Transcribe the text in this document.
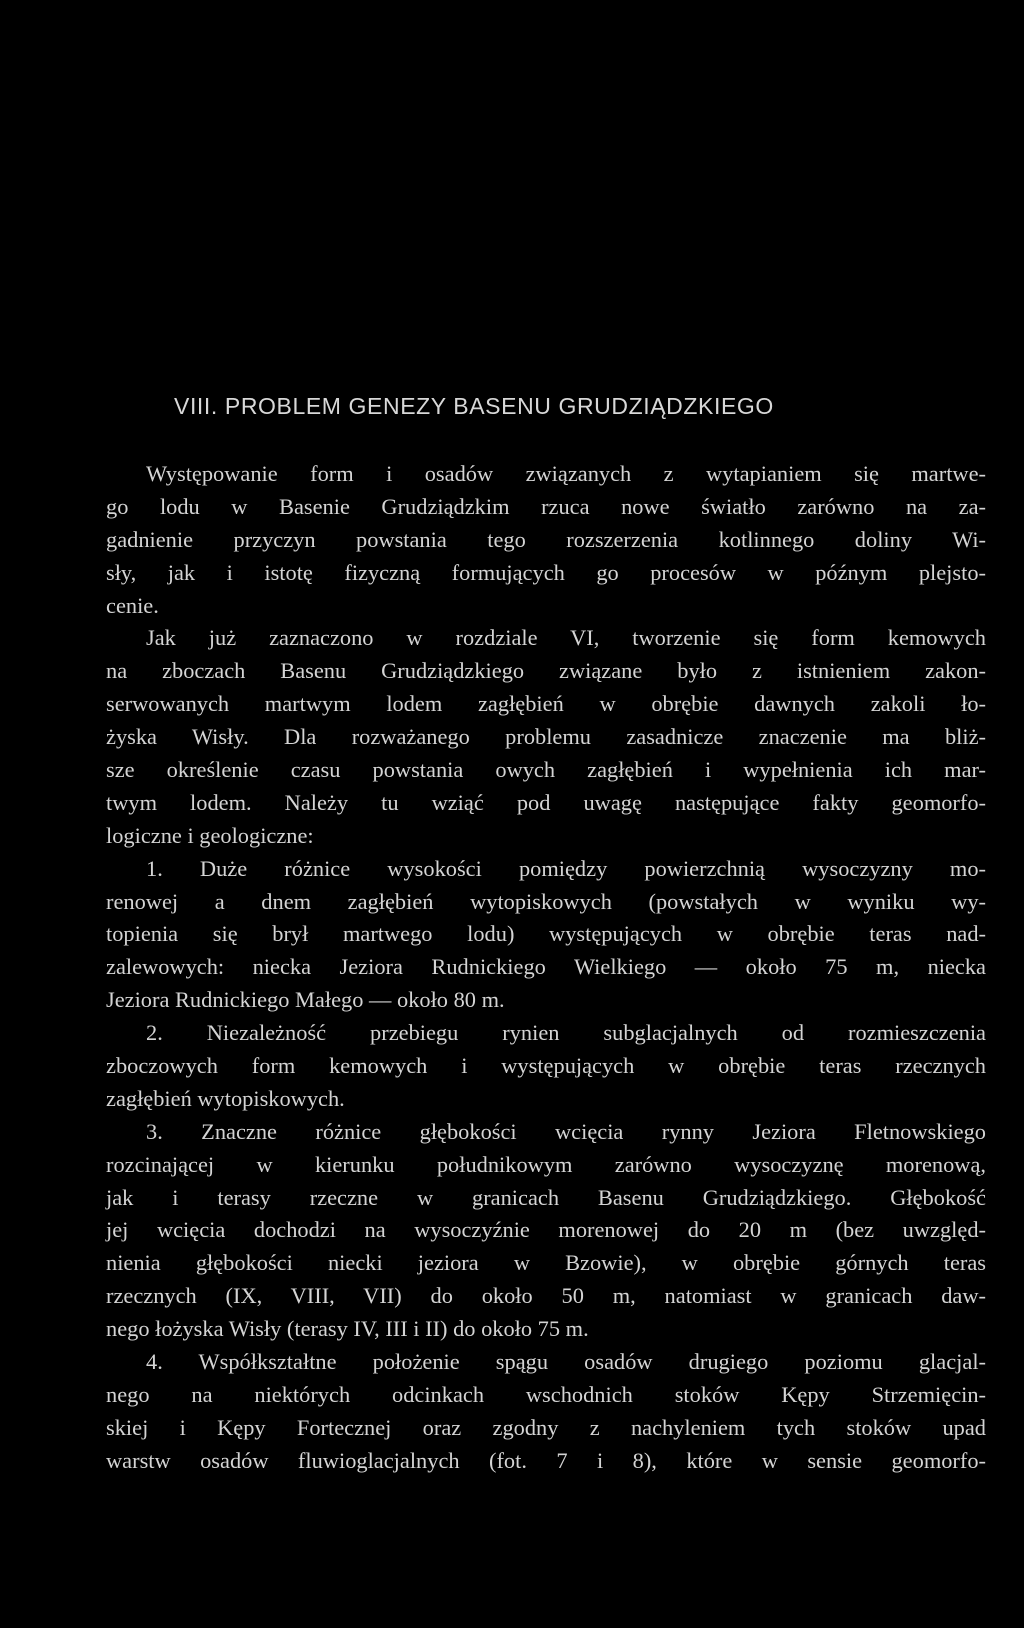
VIII. PROBLEM GENEZY BASENU GRUDZIĄDZKIEGO
Występowanie form i osadów związanych z wytapianiem się martwe-
go lodu w Basenie Grudziądzkim rzuca nowe światło zarówno na za-
gadnienie przyczyn powstania tego rozszerzenia kotlinnego doliny Wi-
sły, jak i istotę fizyczną formujących go procesów w późnym plejsto-
cenie.
Jak już zaznaczono w rozdziale VI, tworzenie się form kemowych
na zboczach Basenu Grudziądzkiego związane było z istnieniem zakon-
serwowanych martwym lodem zagłębień w obrębie dawnych zakoli ło-
żyska Wisły. Dla rozważanego problemu zasadnicze znaczenie ma bliż-
sze określenie czasu powstania owych zagłębień i wypełnienia ich mar-
twym lodem. Należy tu wziąć pod uwagę następujące fakty geomorfo-
logiczne i geologiczne:
1. Duże różnice wysokości pomiędzy powierzchnią wysoczyzny mo-
renowej a dnem zagłębień wytopiskowych (powstałych w wyniku wy-
topienia się brył martwego lodu) występujących w obrębie teras nad-
zalewowych: niecka Jeziora Rudnickiego Wielkiego — około 75 m, niecka
Jeziora Rudnickiego Małego — około 80 m.
2. Niezależność przebiegu rynien subglacjalnych od rozmieszczenia
zboczowych form kemowych i występujących w obrębie teras rzecznych
zagłębień wytopiskowych.
3. Znaczne różnice głębokości wcięcia rynny Jeziora Fletnowskiego
rozcinającej w kierunku południkowym zarówno wysoczyznę morenową,
jak i terasy rzeczne w granicach Basenu Grudziądzkiego. Głębokość
jej wcięcia dochodzi na wysoczyźnie morenowej do 20 m (bez uwzględ-
nienia głębokości niecki jeziora w Bzowie), w obrębie górnych teras
rzecznych (IX, VIII, VII) do około 50 m, natomiast w granicach daw-
nego łożyska Wisły (terasy IV, III i II) do około 75 m.
4. Współkształtne położenie spągu osadów drugiego poziomu glacjal-
nego na niektórych odcinkach wschodnich stoków Kępy Strzemięcin-
skiej i Kępy Fortecznej oraz zgodny z nachyleniem tych stoków upad
warstw osadów fluwioglacjalnych (fot. 7 i 8), które w sensie geomorfo-
